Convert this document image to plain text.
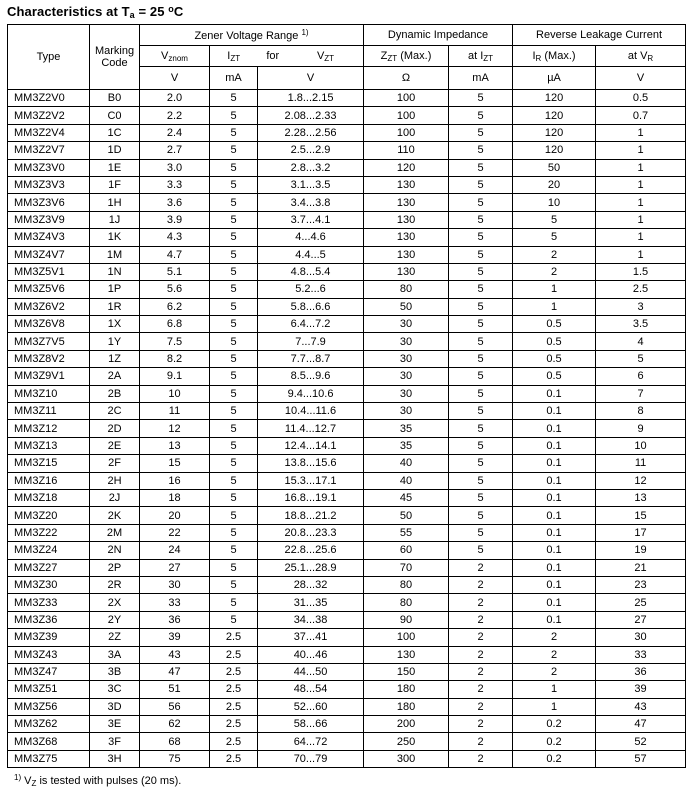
Characteristics at $T_a = 25$ $^o$C
Type	Marking Code	Zener Voltage Range $^{1)}$			Dynamic Impedance		Reverse Leakage Current	
		$V_{znom}$	$I_{ZT}$ for $V_{ZT}$		$Z_{ZT}$ (Max.)	at $I_{ZT}$	$I_R$ (Max.)	at $V_R$
		V	mA	V	Ω	mA	µA	V
MM3Z2V0	B0	2.0	5	1.8...2.15	100	5	120	0.5
MM3Z2V2	C0	2.2	5	2.08...2.33	100	5	120	0.7
MM3Z2V4	1C	2.4	5	2.28...2.56	100	5	120	1
MM3Z2V7	1D	2.7	5	2.5...2.9	110	5	120	1
MM3Z3V0	1E	3.0	5	2.8...3.2	120	5	50	1
MM3Z3V3	1F	3.3	5	3.1...3.5	130	5	20	1
MM3Z3V6	1H	3.6	5	3.4...3.8	130	5	10	1
MM3Z3V9	1J	3.9	5	3.7...4.1	130	5	5	1
MM3Z4V3	1K	4.3	5	4...4.6	130	5	5	1
MM3Z4V7	1M	4.7	5	4.4...5	130	5	2	1
MM3Z5V1	1N	5.1	5	4.8...5.4	130	5	2	1.5
MM3Z5V6	1P	5.6	5	5.2...6	80	5	1	2.5
MM3Z6V2	1R	6.2	5	5.8...6.6	50	5	1	3
MM3Z6V8	1X	6.8	5	6.4...7.2	30	5	0.5	3.5
MM3Z7V5	1Y	7.5	5	7...7.9	30	5	0.5	4
MM3Z8V2	1Z	8.2	5	7.7...8.7	30	5	0.5	5
MM3Z9V1	2A	9.1	5	8.5...9.6	30	5	0.5	6
MM3Z10	2B	10	5	9.4...10.6	30	5	0.1	7
MM3Z11	2C	11	5	10.4...11.6	30	5	0.1	8
MM3Z12	2D	12	5	11.4...12.7	35	5	0.1	9
MM3Z13	2E	13	5	12.4...14.1	35	5	0.1	10
MM3Z15	2F	15	5	13.8...15.6	40	5	0.1	11
MM3Z16	2H	16	5	15.3...17.1	40	5	0.1	12
MM3Z18	2J	18	5	16.8...19.1	45	5	0.1	13
MM3Z20	2K	20	5	18.8...21.2	50	5	0.1	15
MM3Z22	2M	22	5	20.8...23.3	55	5	0.1	17
MM3Z24	2N	24	5	22.8...25.6	60	5	0.1	19
MM3Z27	2P	27	5	25.1...28.9	70	2	0.1	21
MM3Z30	2R	30	5	28...32	80	2	0.1	23
MM3Z33	2X	33	5	31...35	80	2	0.1	25
MM3Z36	2Y	36	5	34...38	90	2	0.1	27
MM3Z39	2Z	39	2.5	37...41	100	2	2	30
MM3Z43	3A	43	2.5	40...46	130	2	2	33
MM3Z47	3B	47	2.5	44...50	150	2	2	36
MM3Z51	3C	51	2.5	48...54	180	2	1	39
MM3Z56	3D	56	2.5	52...60	180	2	1	43
MM3Z62	3E	62	2.5	58...66	200	2	0.2	47
MM3Z68	3F	68	2.5	64...72	250	2	0.2	52
MM3Z75	3H	75	2.5	70...79	300	2	0.2	57
$^{1)}$ $V_Z$ is tested with pulses (20 ms).
